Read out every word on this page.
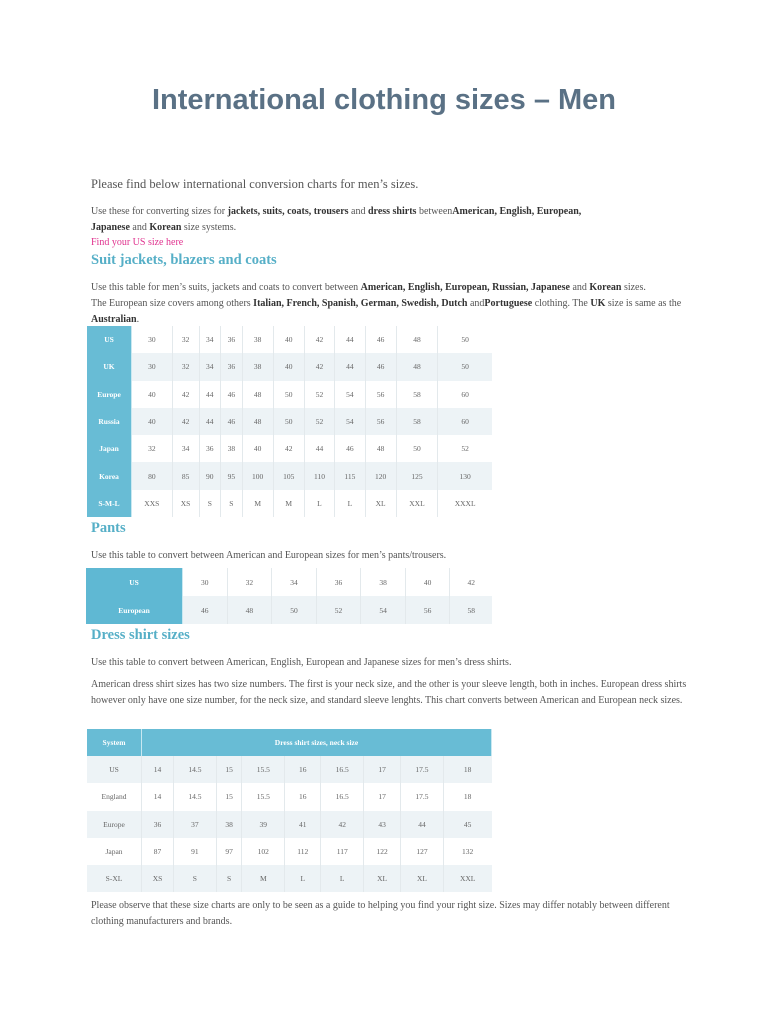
International clothing sizes – Men

Please find below international conversion charts for men’s sizes.

Use these for converting sizes for jackets, suits, coats, trousers and dress shirts betweenAmerican, English, European,
Japanese and Korean size systems.

Find your US size here
Suit jackets, blazers and coats

Use this table for men’s suits, jackets and coats to convert between American, English, European, Russian, Japanese and Korean sizes.
The European size covers among others Italian, French, Spanish, German, Swedish, Dutch andPortuguese clothing. The UK size is same as the Australian.

US	30	32	34	36	38	40	42	44	46	48	50
UK	30	32	34	36	38	40	42	44	46	48	50
Europe	40	42	44	46	48	50	52	54	56	58	60
Russia	40	42	44	46	48	50	52	54	56	58	60
Japan	32	34	36	38	40	42	44	46	48	50	52
Korea	80	85	90	95	100	105	110	115	120	125	130
S-M-L	XXS	XS	S	S	M	M	L	L	XL	XXL	XXXL
Pants

Use this table to convert between American and European sizes for men’s pants/trousers.

US	30	32	34	36	38	40	42
European	46	48	50	52	54	56	58
Dress shirt sizes

Use this table to convert between American, English, European and Japanese sizes for men’s dress shirts.

American dress shirt sizes has two size numbers. The first is your neck size, and the other is your sleeve length, both in inches. European dress shirts however only have one size number, for the neck size, and standard sleeve lenghts. This chart converts between American and European neck sizes.

System	Dress shirt sizes, neck size								
US	14	14.5	15	15.5	16	16.5	17	17.5	18
England	14	14.5	15	15.5	16	16.5	17	17.5	18
Europe	36	37	38	39	41	42	43	44	45
Japan	87	91	97	102	112	117	122	127	132
S-XL	XS	S	S	M	L	L	XL	XL	XXL

Please observe that these size charts are only to be seen as a guide to helping you find your right size. Sizes may differ notably between different clothing manufacturers and brands.
